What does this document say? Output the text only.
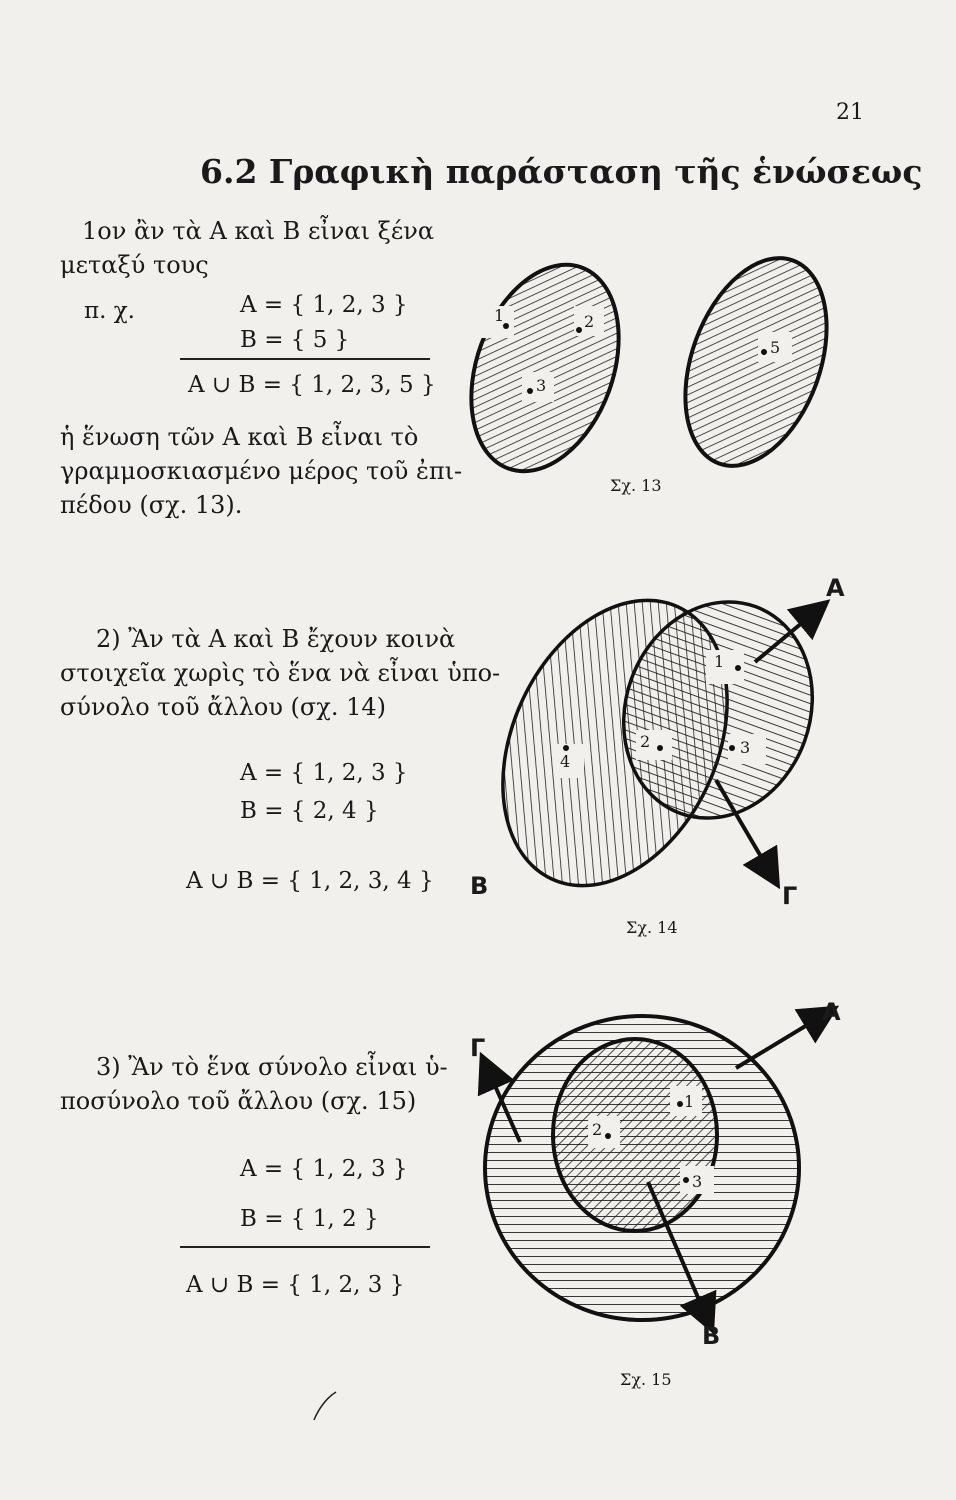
21
6.2 Γραφικὴ παράσταση τῆς ἑνώσεως
1ον ἂν τὰ Α καὶ Β εἶναι ξένα
μεταξύ τους
π. χ.	A = { 1, 2, 3 }
B = { 5 }
A ∪ B = { 1, 2, 3, 5 }
ἡ ἕνωση τῶν Α καὶ Β εἶναι τὸ
γραμμοσκιασμένο μέρος τοῦ ἐπι-
πέδου (σχ. 13).
2) Ἂν τὰ Α καὶ Β ἔχουν κοινὰ
στοιχεῖα χωρὶς τὸ ἕνα νὰ εἶναι ὑπο-
σύνολο τοῦ ἄλλου (σχ. 14)
A = { 1, 2, 3 }
B = { 2, 4 }
A ∪ B = { 1, 2, 3, 4 }
3) Ἂν τὸ ἕνα σύνολο εἶναι ὑ-
ποσύνολο τοῦ ἄλλου (σχ. 15)
A = { 1, 2, 3 }
B = { 1, 2 }
A ∪ B = { 1, 2, 3 }
1	2
3
5
Σχ. 13
1
2	3
4
A
B	Γ
Σχ. 14
1
2
3
A
Γ
B
Σχ. 15
